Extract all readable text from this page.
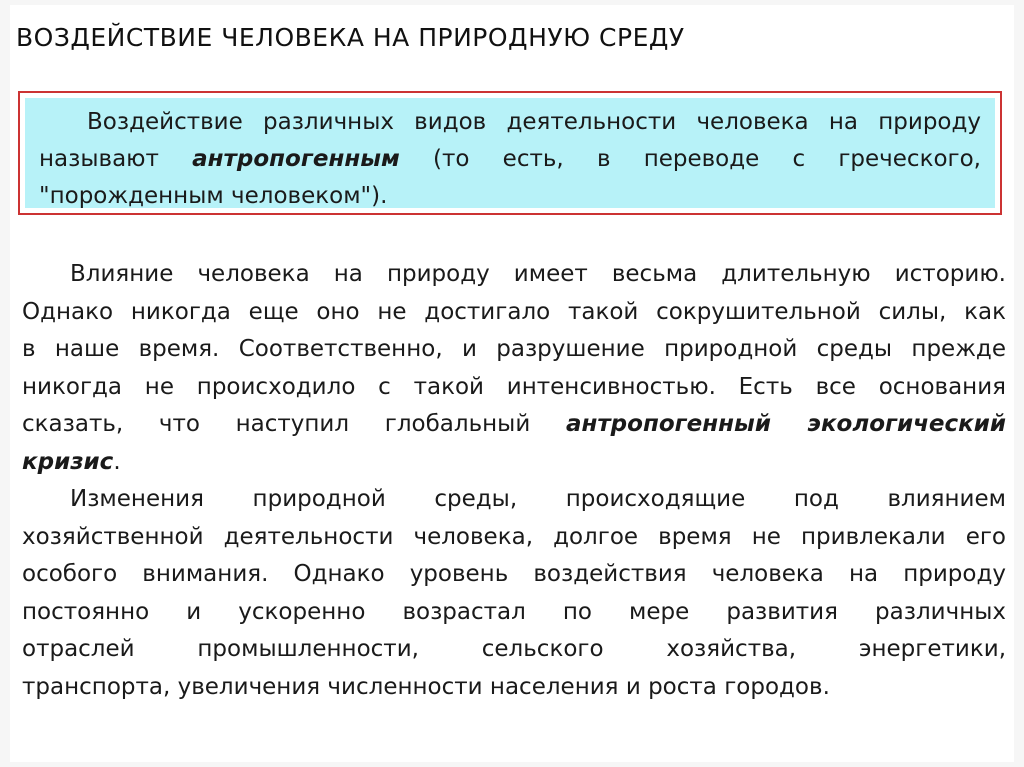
ВОЗДЕЙСТВИЕ ЧЕЛОВЕКА НА ПРИРОДНУЮ СРЕДУ
Воздействие различных видов деятельности человека на природу
называют антропогенным (то есть, в переводе с греческого,
"порожденным человеком").
Влияние человека на природу имеет весьма длительную историю.
Однако никогда еще оно не достигало такой сокрушительной силы, как
в наше время. Соответственно, и разрушение природной среды прежде
никогда не происходило с такой интенсивностью. Есть все основания
сказать, что наступил глобальный антропогенный экологический
кризис.
Изменения природной среды, происходящие под влиянием
хозяйственной деятельности человека, долгое время не привлекали его
особого внимания. Однако уровень воздействия человека на природу
постоянно и ускоренно возрастал по мере развития различных
отраслей промышленности, сельского хозяйства, энергетики,
транспорта, увеличения численности населения и роста городов.
